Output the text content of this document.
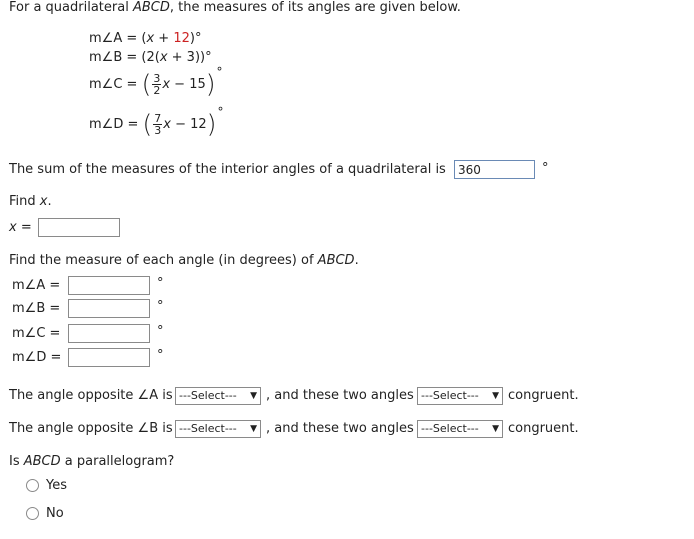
For a quadrilateral ABCD, the measures of its angles are given below.
m∠A = (x + 12)°
m∠B = (2(x + 3))°
m∠C = ( $\frac{3}{2}$ x − 15)°
m∠D = ( $\frac{7}{3}$ x − 12)°
The sum of the measures of the interior angles of a quadrilateral is
360	°
Find x.
x =
Find the measure of each angle (in degrees) of ABCD.
m∠A =	°
m∠B =	°
m∠C =	°
m∠D =	°
The angle opposite ∠A is ---Select--- ▼ , and these two angles ---Select--- ▼ congruent.
The angle opposite ∠B is ---Select--- ▼ , and these two angles ---Select--- ▼ congruent.
Is ABCD a parallelogram?
Yes
No
